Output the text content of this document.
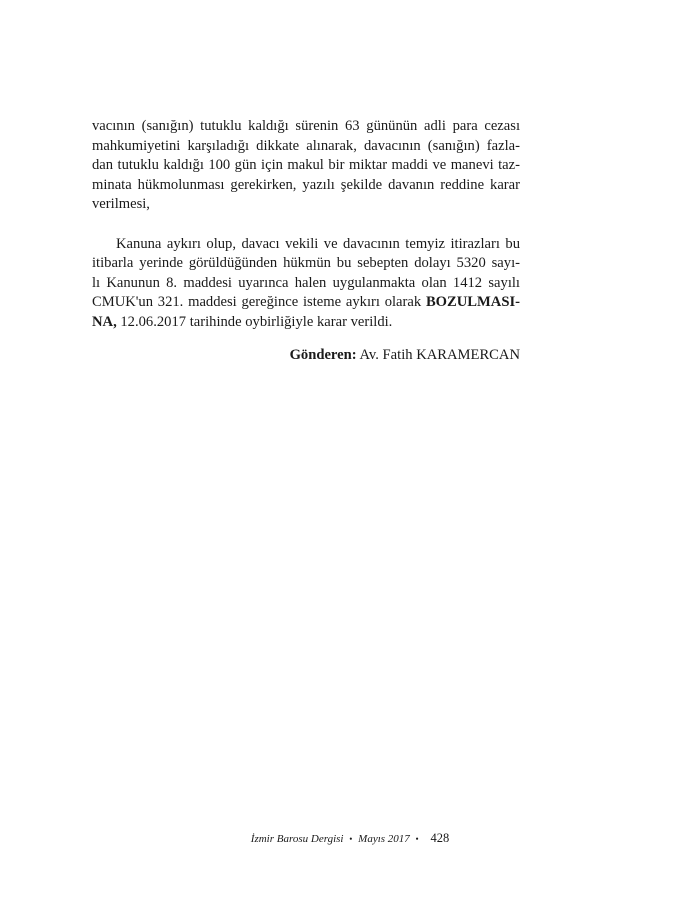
vacının (sanığın) tutuklu kaldığı sürenin 63 gününün adli para cezası
mahkumiyetini karşıladığı dikkate alınarak, davacının (sanığın) fazla-
dan tutuklu kaldığı 100 gün için makul bir miktar maddi ve manevi taz-
minata hükmolunması gerekirken, yazılı şekilde davanın reddine karar
verilmesi,
Kanuna aykırı olup, davacı vekili ve davacının temyiz itirazları bu
itibarla yerinde görüldüğünden hükmün bu sebepten dolayı 5320 sayı-
lı Kanunun 8. maddesi uyarınca halen uygulanmakta olan 1412 sayılı
CMUK'un 321. maddesi gereğince isteme aykırı olarak BOZULMASI-
NA, 12.06.2017 tarihinde oybirliğiyle karar verildi.
Gönderen: Av. Fatih KARAMERCAN
İzmir Barosu Dergisi • Mayıs 2017 • 428
